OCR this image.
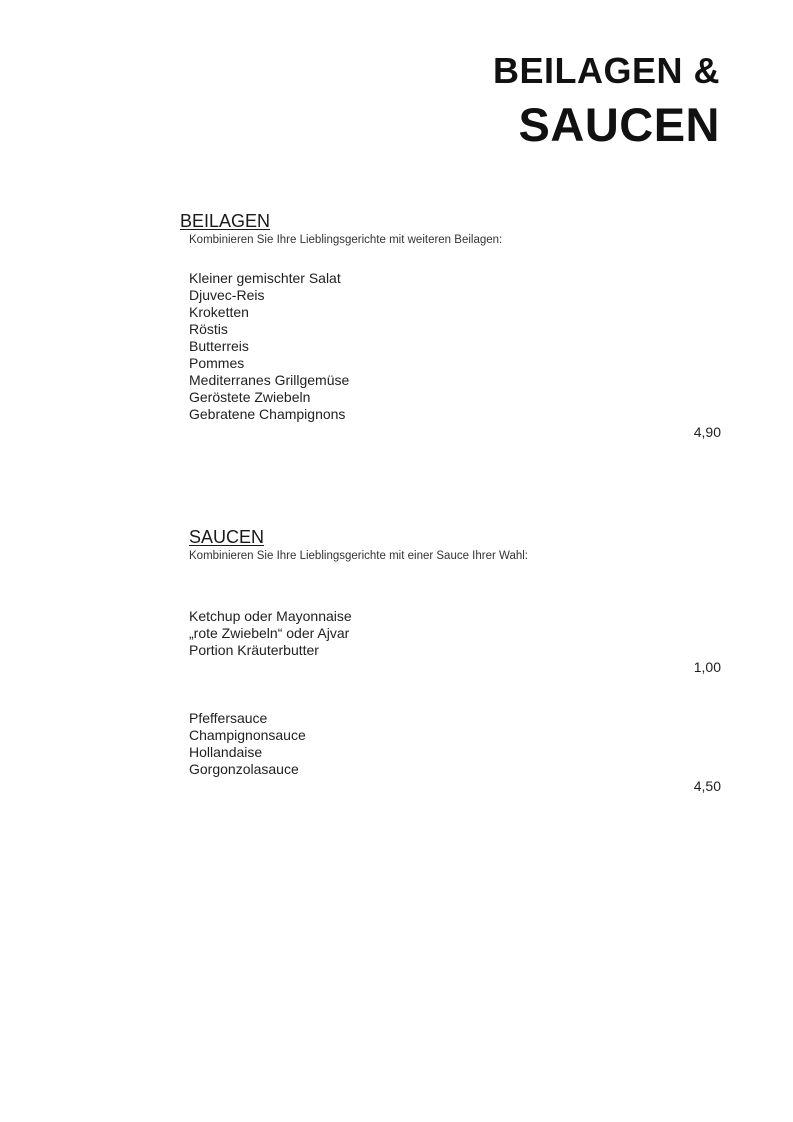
BEILAGEN &
SAUCEN
BEILAGEN
Kombinieren Sie Ihre Lieblingsgerichte mit weiteren Beilagen:
Kleiner gemischter Salat
Djuvec-Reis
Kroketten
Röstis
Butterreis
Pommes
Mediterranes Grillgemüse
Geröstete Zwiebeln
Gebratene Champignons
4,90
SAUCEN
Kombinieren Sie Ihre Lieblingsgerichte mit einer Sauce Ihrer Wahl:
Ketchup oder Mayonnaise
„rote Zwiebeln“ oder Ajvar
Portion Kräuterbutter
1,00
Pfeffersauce
Champignonsauce
Hollandaise
Gorgonzolasauce
4,50
